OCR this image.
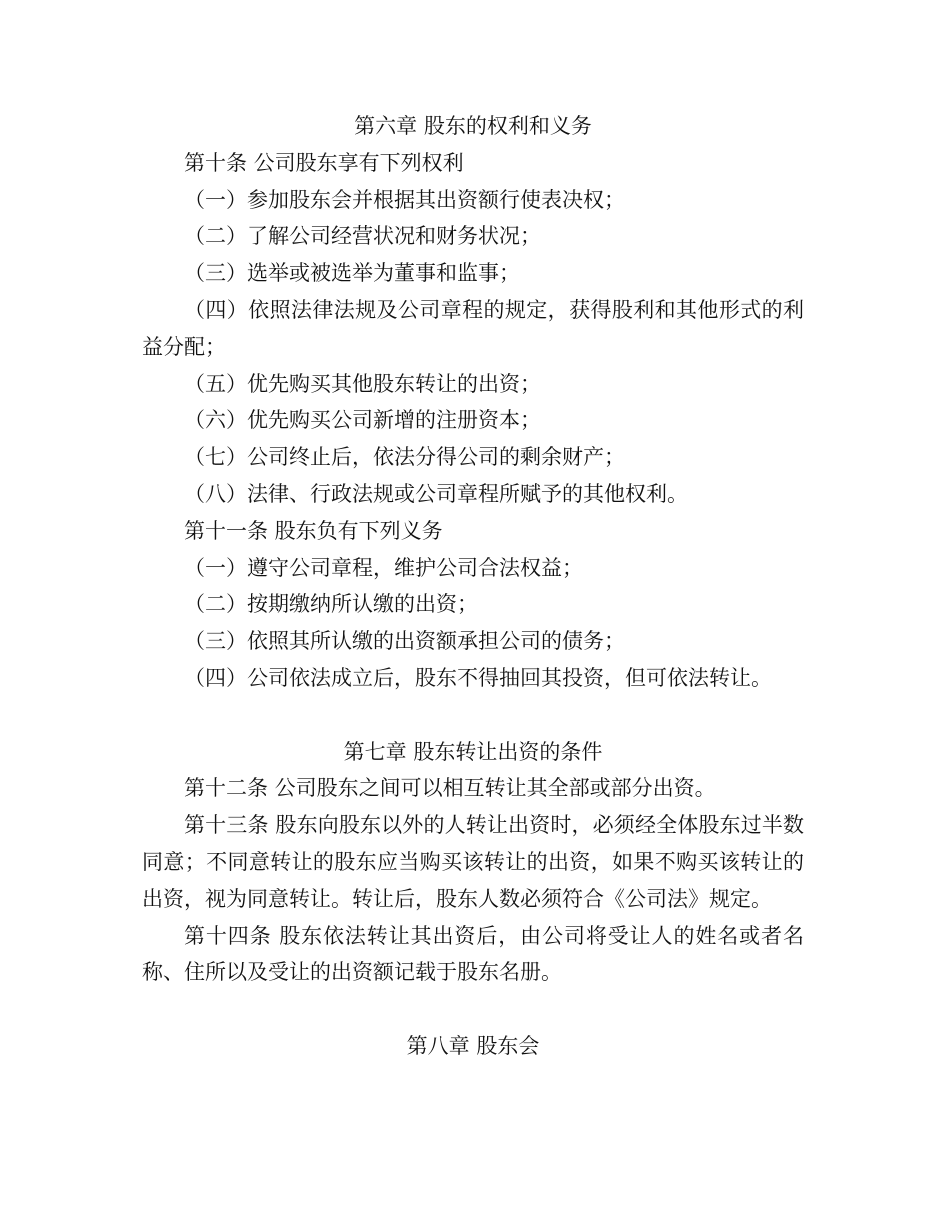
第六章 股东的权利和义务

第十条 公司股东享有下列权利

（一）参加股东会并根据其出资额行使表决权；

（二）了解公司经营状况和财务状况；

（三）选举或被选举为董事和监事；

（四）依照法律法规及公司章程的规定，获得股利和其他形式的利益分配；

（五）优先购买其他股东转让的出资；

（六）优先购买公司新增的注册资本；

（七）公司终止后，依法分得公司的剩余财产；

（八）法律、行政法规或公司章程所赋予的其他权利。

第十一条 股东负有下列义务

（一）遵守公司章程，维护公司合法权益；

（二）按期缴纳所认缴的出资；

（三）依照其所认缴的出资额承担公司的债务；

（四）公司依法成立后，股东不得抽回其投资，但可依法转让。

第七章 股东转让出资的条件

第十二条 公司股东之间可以相互转让其全部或部分出资。

第十三条 股东向股东以外的人转让出资时，必须经全体股东过半数同意；不同意转让的股东应当购买该转让的出资，如果不购买该转让的出资，视为同意转让。转让后，股东人数必须符合《公司法》规定。

第十四条 股东依法转让其出资后，由公司将受让人的姓名或者名称、住所以及受让的出资额记载于股东名册。

第八章 股东会
